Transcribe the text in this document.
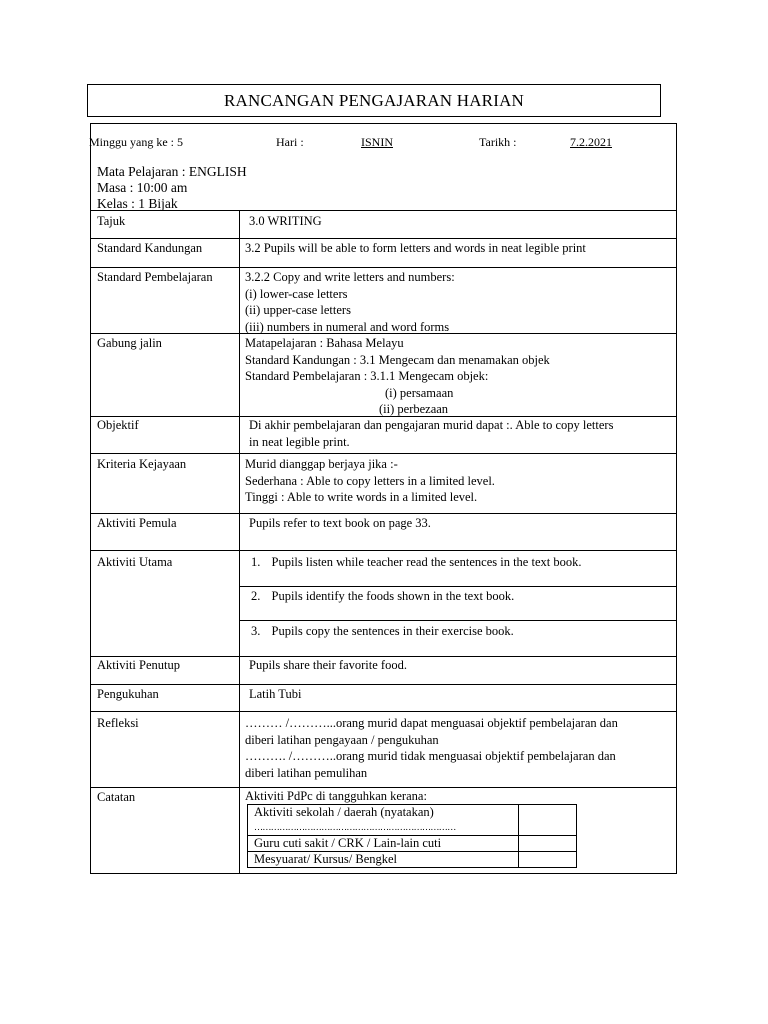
RANCANGAN PENGAJARAN HARIAN
Minggu yang ke : 5	Hari :	ISNIN	Tarikh :	7.2.2021
Mata Pelajaran : ENGLISH
Masa : 10:00 am
Kelas : 1 Bijak
Tajuk	3.0 WRITING
Standard Kandungan	3.2 Pupils will be able to form letters and words in neat legible print
Standard Pembelajaran	3.2.2 Copy and write letters and numbers:
(i) lower-case letters
(ii) upper-case letters
(iii) numbers in numeral and word forms
Gabung jalin	Matapelajaran : Bahasa Melayu
Standard Kandungan : 3.1 Mengecam dan menamakan objek
Standard Pembelajaran : 3.1.1 Mengecam objek:
(i) persamaan
(ii) perbezaan
Objektif	Di akhir pembelajaran dan pengajaran murid dapat :. Able to copy letters
in neat legible print.
Kriteria Kejayaan	Murid dianggap berjaya jika :-
Sederhana : Able to copy letters in a limited level.
Tinggi : Able to write words in a limited level.
Aktiviti Pemula	Pupils refer to text book on page 33.
Aktiviti Utama	1. Pupils listen while teacher read the sentences in the text book.
2. Pupils identify the foods shown in the text book.
3. Pupils copy the sentences in their exercise book.
Aktiviti Penutup	Pupils share their favorite food.
Pengukuhan	Latih Tubi
Refleksi	……… /………...orang murid dapat menguasai objektif pembelajaran dan
diberi latihan pengayaan / pengukuhan
………. /………..orang murid tidak menguasai objektif pembelajaran dan
diberi latihan pemulihan
Catatan	Aktiviti PdPc di tangguhkan kerana:
Aktiviti sekolah / daerah (nyatakan)
………………………………………………………………	

Guru cuti sakit / CRK / Lain-lain cuti	

Mesyuarat/ Kursus/ Bengkel	
